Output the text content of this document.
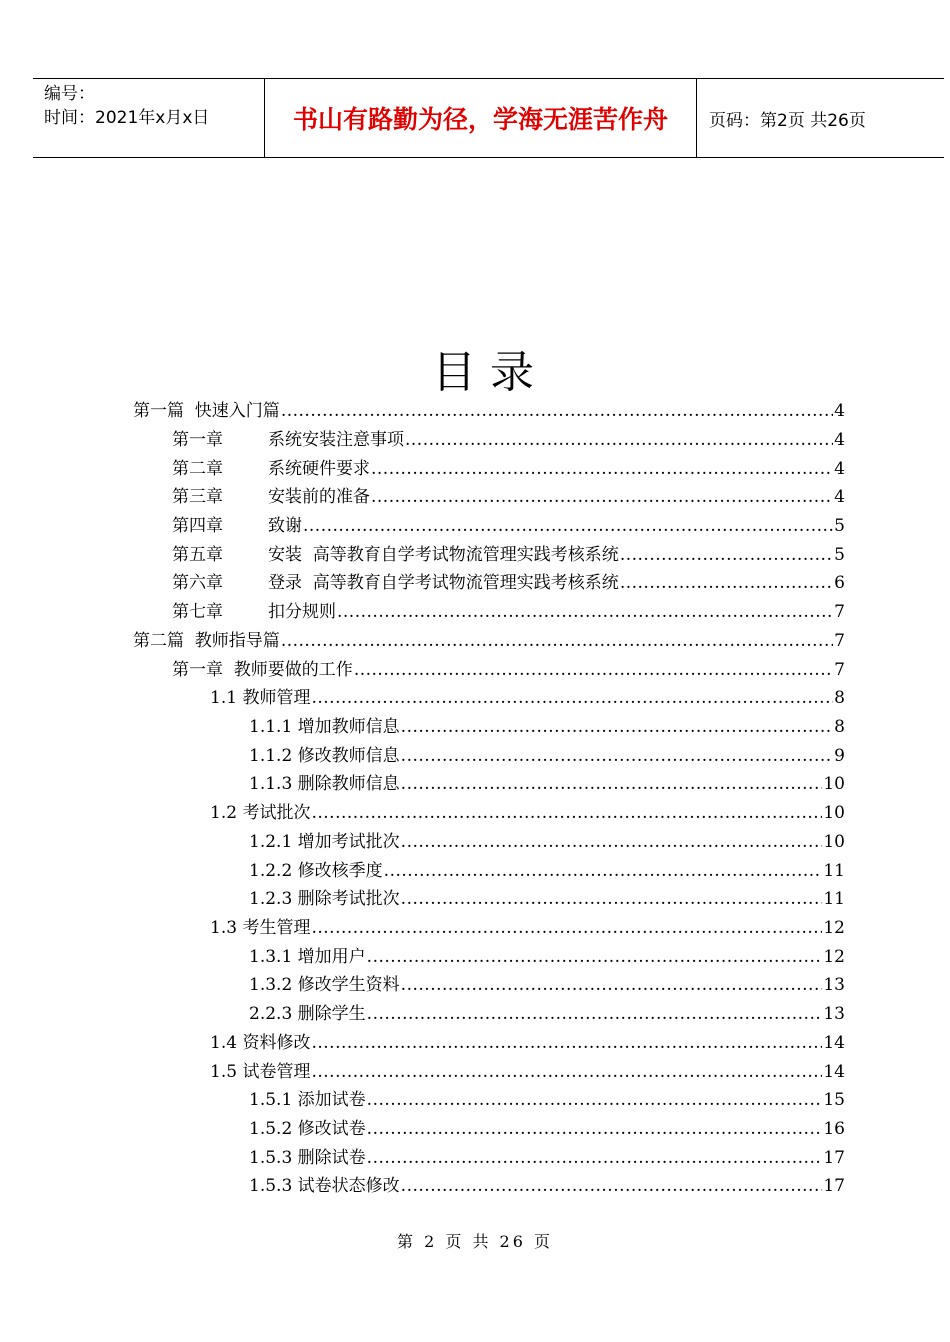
编号：
时间：2021年x月x日	书山有路勤为径，学海无涯苦作舟	页码：第2页 共26页
目录
第一篇  快速入门篇 .....	4
第一章	系统安装注意事项 .....	4
第二章	系统硬件要求 .....	4
第三章	安装前的准备 .....	4
第四章	致谢 .....	5
第五章	安装  高等教育自学考试物流管理实践考核系统 .....	5
第六章	登录  高等教育自学考试物流管理实践考核系统 .....	6
第七章	扣分规则 .....	7
第二篇  教师指导篇 .....	7
第一章  教师要做的工作 .....	7
1.1 教师管理 .....	8
1.1.1 增加教师信息 .....	8
1.1.2 修改教师信息 .....	9
1.1.3 删除教师信息 .....	10
1.2 考试批次 .....	10
1.2.1 增加考试批次 .....	10
1.2.2 修改核季度 .....	11
1.2.3 删除考试批次 .....	11
1.3 考生管理 .....	12
1.3.1 增加用户 .....	12
1.3.2 修改学生资料 .....	13
2.2.3 删除学生 .....	13
1.4 资料修改 .....	14
1.5 试卷管理 .....	14
1.5.1 添加试卷 .....	15
1.5.2 修改试卷 .....	16
1.5.3 删除试卷 .....	17
1.5.3 试卷状态修改 .....	17
第 2 页 共 26 页
